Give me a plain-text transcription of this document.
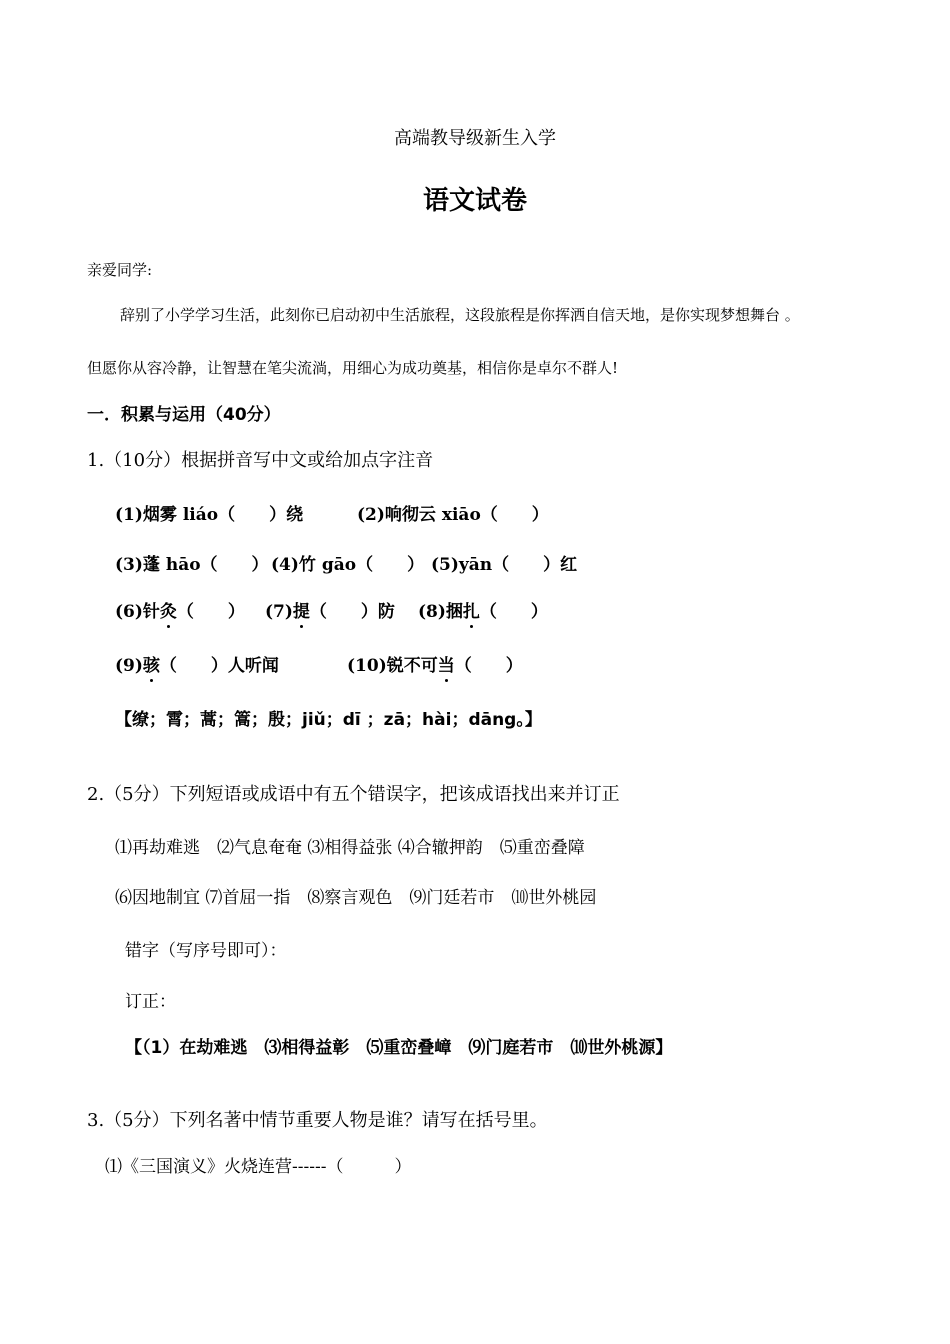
高端教导级新生入学
语文试卷
亲爱同学:
辞别了小学学习生活，此刻你已启动初中生活旅程，这段旅程是你挥洒自信天地，是你实现梦想舞台 。
但愿你从容冷静，让智慧在笔尖流淌，用细心为成功奠基，相信你是卓尔不群人!
一．积累与运用（40分）
1.（10分）根据拼音写中文或给加点字注音
(1)烟雾 liáo（　　）绕	(2)响彻云 xiāo（　　）
(3)蓬 hāo（　　） (4)竹 gāo（　　） (5)yān（　　）红
(6)针灸（　　） (7)提（　　）防 (8)捆扎（　　）
(9)骇（　　）人听闻	(10)锐不可当（　　）
【缭；霄；蒿；篙；殷；jiǔ；dī ；zā；hài；dāng。】
2.（5分）下列短语或成语中有五个错误字，把该成语找出来并订正
⑴再劫难逃　⑵气息奄奄 ⑶相得益张 ⑷合辙押韵　⑸重峦叠障
⑹因地制宜 ⑺首屈一指　⑻察言观色　⑼门廷若市　⑽世外桃园
错字（写序号即可）：
订正：
【（1）在劫难逃　⑶相得益彰　⑸重峦叠嶂　⑼门庭若市　⑽世外桃源】
3.（5分）下列名著中情节重要人物是谁？请写在括号里。
⑴《三国演义》火烧连营------（　　　）
